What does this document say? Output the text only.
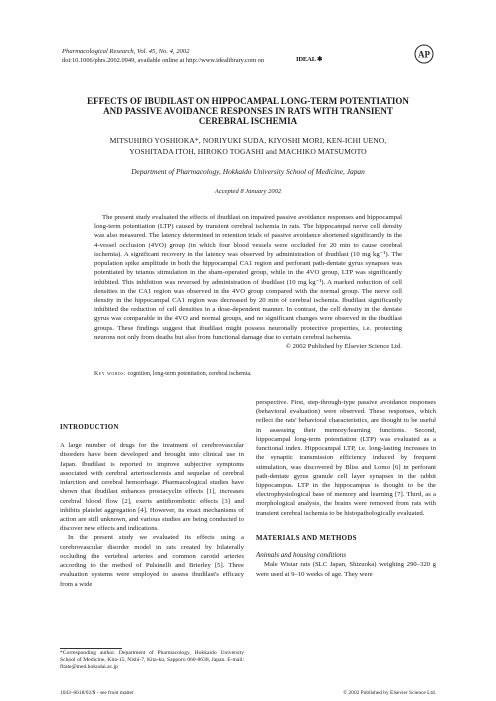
Pharmacological Research, Vol. 45, No. 4, 2002
doi:10.1006/phrs.2002.0949, available online at http://www.idealibrary.com on	IDEAL ✱	AP
EFFECTS OF IBUDILAST ON HIPPOCAMPAL LONG-TERM POTENTIATION
AND PASSIVE AVOIDANCE RESPONSES IN RATS WITH TRANSIENT
CEREBRAL ISCHEMIA
MITSUHIRO YOSHIOKA*, NORIYUKI SUDA, KIYOSHI MORI, KEN-ICHI UENO,
YOSHITADA ITOH, HIROKO TOGASHI and MACHIKO MATSUMOTO
Department of Pharmacology, Hokkaido University School of Medicine, Japan
Accepted 8 January 2002

The present study evaluated the effects of ibudilast on impaired passive avoidance responses and hippocampal long-term potentiation (LTP) caused by transient cerebral ischemia in rats. The hippocampal nerve cell density was also measured. The latency determined in retention trials of passive avoidance shortened significantly in the 4-vessel occlusion (4VO) group (in which four blood vessels were occluded for 20 min to cause cerebral ischemia). A significant recovery in the latency was observed by administration of ibudilast (10 mg kg⁻¹). The population spike amplitude in both the hippocampal CA1 region and perforant path-dentate gyrus synapses was potentiated by tetanus stimulation in the sham-operated group, while in the 4VO group, LTP was significantly inhibited. This inhibition was reversed by administration of ibudilast (10 mg kg⁻¹). A marked reduction of cell densities in the CA1 region was observed in the 4VO group compared with the normal group. The nerve cell density in the hippocampal CA1 region was decreased by 20 min of cerebral ischemia. Ibudilast significantly inhibited the reduction of cell densities in a dose-dependent manner. In contrast, the cell density in the dentate gyrus was comparable in the 4VO and normal groups, and no significant changes were observed in the ibudilast groups. These findings suggest that ibudilast might possess neuronally protective properties, i.e. protecting neurons not only from deaths but also from functional damage due to certain cerebral ischemia.

© 2002 Published by Elsevier Science Ltd.

Key words: cognition, long-term potentiation, cerebral ischemia.
INTRODUCTION

A large number of drugs for the treatment of cerebrovascular disorders have been developed and brought into clinical use in Japan. Ibudilast is reported to improve subjective symptoms associated with cerebral arteriosclerosis and sequelae of cerebral infarction and cerebral hemorrhage. Pharmacological studies have shown that ibudilast enhances prostacyclin effects [1], increases cerebral blood flow [2], exerts antithrombotic effects [3] and inhibits platelet aggregation [4]. However, its exact mechanisms of action are still unknown, and various studies are being conducted to discover new effects and indications.

In the present study we evaluated its effects using a cerebrovascular disorder model in rats created by bilaterally occluding the vertebral arteries and common carotid arteries according to the method of Pulsinelli and Brierley [5]. Three evaluation systems were employed to assess ibudilast's efficacy from a wide

perspective. First, step-through-type passive avoidance responses (behavioral evaluation) were observed. These responses, which reflect the rats' behavioral characteristics, are thought to be useful in assessing their memory/learning functions. Second, hippocampal long-term potentiation (LTP) was evaluated as a functional index. Hippocampal LTP, i.e. long-lasting increases in the synaptic transmission efficiency induced by frequent stimulation, was discovered by Bliss and Lomo [6] in perforant path-dentate gyrus granule cell layer synapses in the rabbit hippocampus. LTP in the hippocampus is thought to be the electrophysiological base of memory and learning [7]. Third, as a morphological analysis, the brains were removed from rats with transient cerebral ischemia to be histopathologically evaluated.

MATERIALS AND METHODS
Animals and housing conditions

Male Wistar rats (SLC Japan, Shizuoka) weighing 290–320 g were used at 9–10 weeks of age. They were

*Corresponding author. Department of Pharmacology, Hokkaido University School of Medicine, Kita-15, Nishi-7, Kita-ku, Sapporo 060-8638, Japan. E-mail: fltate@med.hokudai.ac.jp
1043–6618/02/$ - see front matter	© 2002 Published by Elsevier Science Ltd.
